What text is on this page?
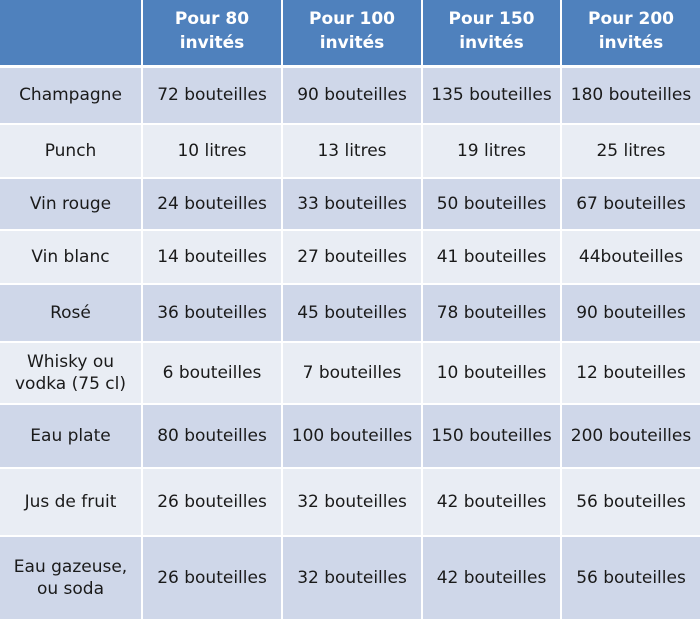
	Pour 80 invités	Pour 100 invités	Pour 150 invités	Pour 200 invités
Champagne	72 bouteilles	90 bouteilles	135 bouteilles	180 bouteilles
Punch	10 litres	13 litres	19 litres	25 litres
Vin rouge	24 bouteilles	33 bouteilles	50 bouteilles	67 bouteilles
Vin blanc	14 bouteilles	27 bouteilles	41 bouteilles	44bouteilles
Rosé	36 bouteilles	45 bouteilles	78 bouteilles	90 bouteilles
Whisky ou vodka (75 cl)	6 bouteilles	7 bouteilles	10 bouteilles	12 bouteilles
Eau plate	80 bouteilles	100 bouteilles	150 bouteilles	200 bouteilles
Jus de fruit	26 bouteilles	32 bouteilles	42 bouteilles	56 bouteilles
Eau gazeuse, ou soda	26 bouteilles	32 bouteilles	42 bouteilles	56 bouteilles
